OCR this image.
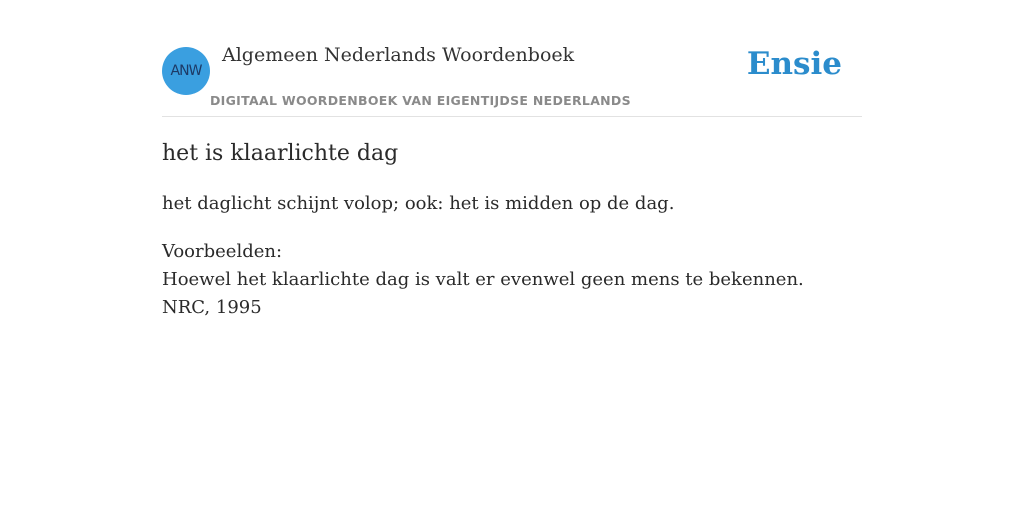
ANW
Algemeen Nederlands Woordenboek
DIGITAAL WOORDENBOEK VAN EIGENTIJDSE NEDERLANDS
Ensie
het is klaarlichte dag

het daglicht schijnt volop; ook: het is midden op de dag.

Voorbeelden:
Hoewel het klaarlichte dag is valt er evenwel geen mens te bekennen.
NRC, 1995
